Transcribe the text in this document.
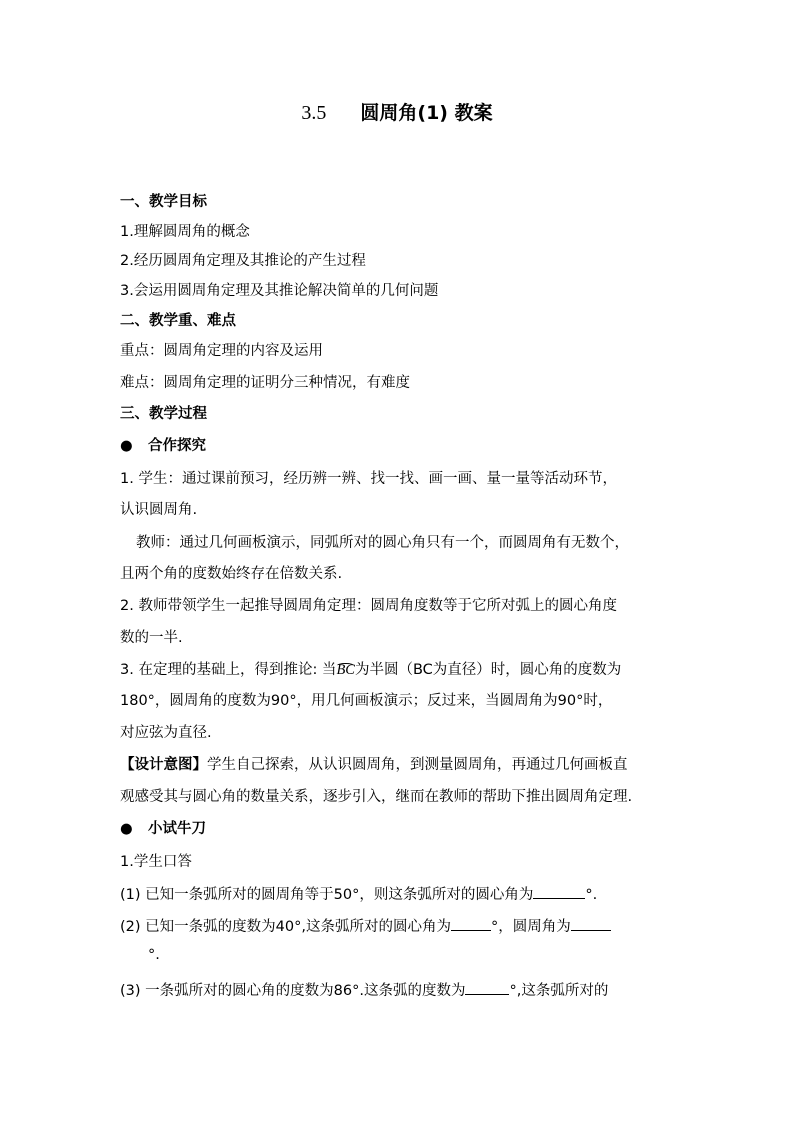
3.5 圆周角(1) 教案
一、教学目标
1.理解圆周角的概念
2.经历圆周角定理及其推论的产生过程
3.会运用圆周角定理及其推论解决简单的几何问题
二、教学重、难点
重点：圆周角定理的内容及运用
难点：圆周角定理的证明分三种情况，有难度
三、教学过程
● 合作探究
1. 学生：通过课前预习，经历辨一辨、找一找、画一画、量一量等活动环节，
认识圆周角.
教师：通过几何画板演示，同弧所对的圆心角只有一个，而圆周角有无数个，
且两个角的度数始终存在倍数关系.
2. 教师带领学生一起推导圆周角定理：圆周角度数等于它所对弧上的圆心角度
数的一半.
3. 在定理的基础上，得到推论: 当BC为半圆（BC为直径）时，圆心角的度数为
180°，圆周角的度数为90°，用几何画板演示；反过来，当圆周角为90°时，
对应弦为直径.
【设计意图】学生自己探索，从认识圆周角，到测量圆周角，再通过几何画板直
观感受其与圆心角的数量关系，逐步引入，继而在教师的帮助下推出圆周角定理.
● 小试牛刀
1.学生口答
(1) 已知一条弧所对的圆周角等于50°，则这条弧所对的圆心角为	°.
(2) 已知一条弧的度数为40°,这条弧所对的圆心角为	°，圆周角为
°.
(3) 一条弧所对的圆心角的度数为86°.这条弧的度数为	°,这条弧所对的
